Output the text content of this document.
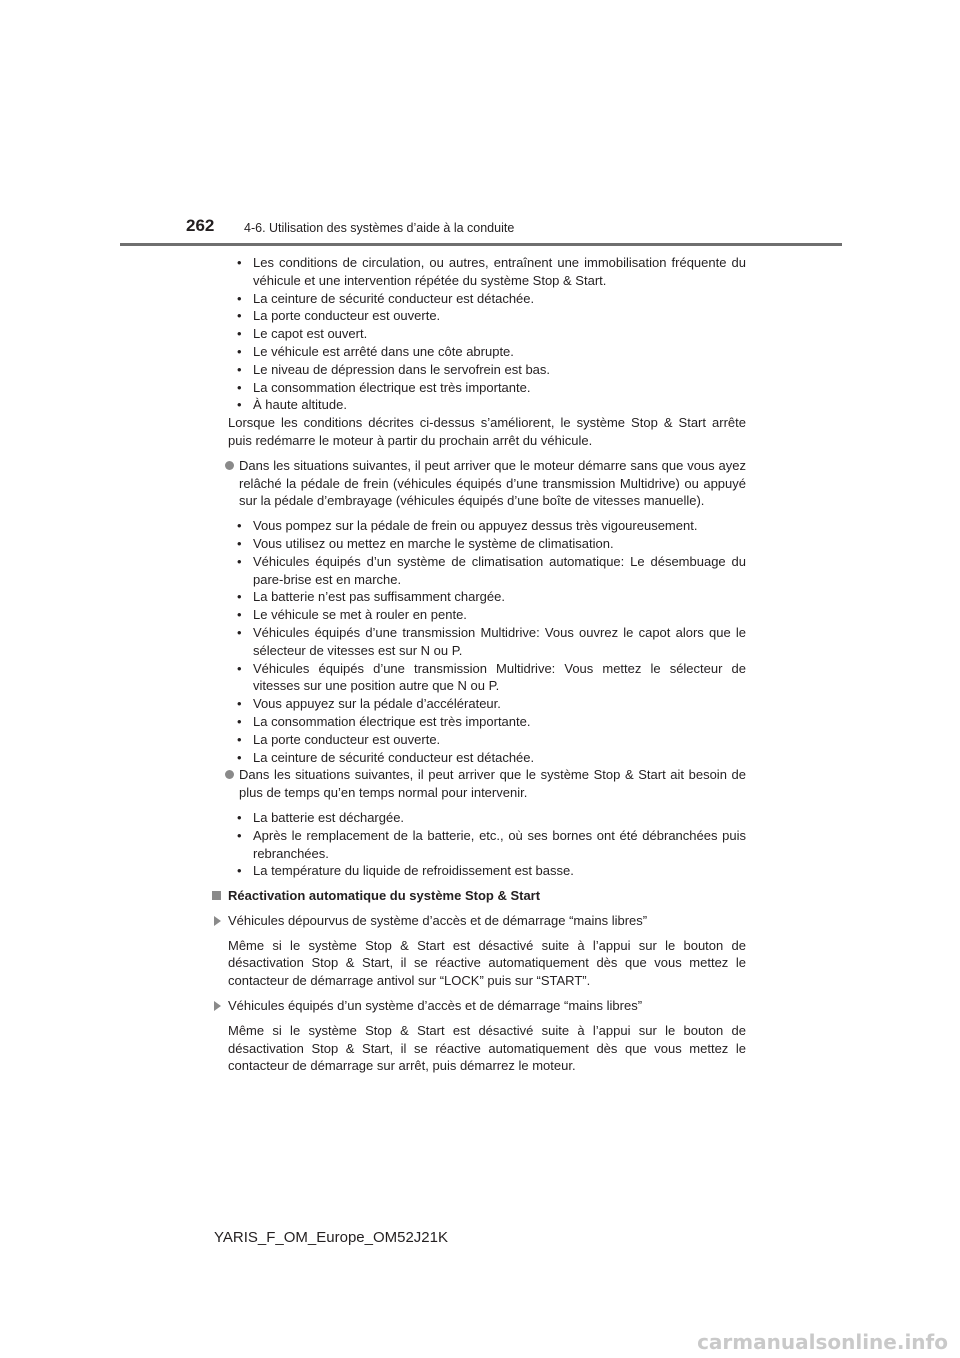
262 4-6. Utilisation des systèmes d’aide à la conduite
• Les conditions de circulation, ou autres, entraînent une immobilisation fréquente du véhicule et une intervention répétée du système Stop & Start.
• La ceinture de sécurité conducteur est détachée.
• La porte conducteur est ouverte.
• Le capot est ouvert.
• Le véhicule est arrêté dans une côte abrupte.
• Le niveau de dépression dans le servofrein est bas.
• La consommation électrique est très importante.
• À haute altitude.

Lorsque les conditions décrites ci-dessus s’améliorent, le système Stop & Start arrête puis redémarre le moteur à partir du prochain arrêt du véhicule.

Dans les situations suivantes, il peut arriver que le moteur démarre sans que vous ayez relâché la pédale de frein (véhicules équipés d’une transmission Multidrive) ou appuyé sur la pédale d’embrayage (véhicules équipés d’une boîte de vitesses manuelle).
• Vous pompez sur la pédale de frein ou appuyez dessus très vigoureusement.
• Vous utilisez ou mettez en marche le système de climatisation.
• Véhicules équipés d’un système de climatisation automatique: Le désembuage du pare-brise est en marche.
• La batterie n’est pas suffisamment chargée.
• Le véhicule se met à rouler en pente.
• Véhicules équipés d’une transmission Multidrive: Vous ouvrez le capot alors que le sélecteur de vitesses est sur N ou P.
• Véhicules équipés d’une transmission Multidrive: Vous mettez le sélecteur de vitesses sur une position autre que N ou P.
• Vous appuyez sur la pédale d’accélérateur.
• La consommation électrique est très importante.
• La porte conducteur est ouverte.
• La ceinture de sécurité conducteur est détachée.
Dans les situations suivantes, il peut arriver que le système Stop & Start ait besoin de plus de temps qu’en temps normal pour intervenir.
• La batterie est déchargée.
• Après le remplacement de la batterie, etc., où ses bornes ont été débranchées puis rebranchées.
• La température du liquide de refroidissement est basse.
Réactivation automatique du système Stop & Start
Véhicules dépourvus de système d’accès et de démarrage “mains libres”

Même si le système Stop & Start est désactivé suite à l’appui sur le bouton de désactivation Stop & Start, il se réactive automatiquement dès que vous mettez le contacteur de démarrage antivol sur “LOCK” puis sur “START”.

Véhicules équipés d’un système d’accès et de démarrage “mains libres”

Même si le système Stop & Start est désactivé suite à l’appui sur le bouton de désactivation Stop & Start, il se réactive automatiquement dès que vous mettez le contacteur de démarrage sur arrêt, puis démarrez le moteur.

YARIS_F_OM_Europe_OM52J21K
carmanualsonline.info
